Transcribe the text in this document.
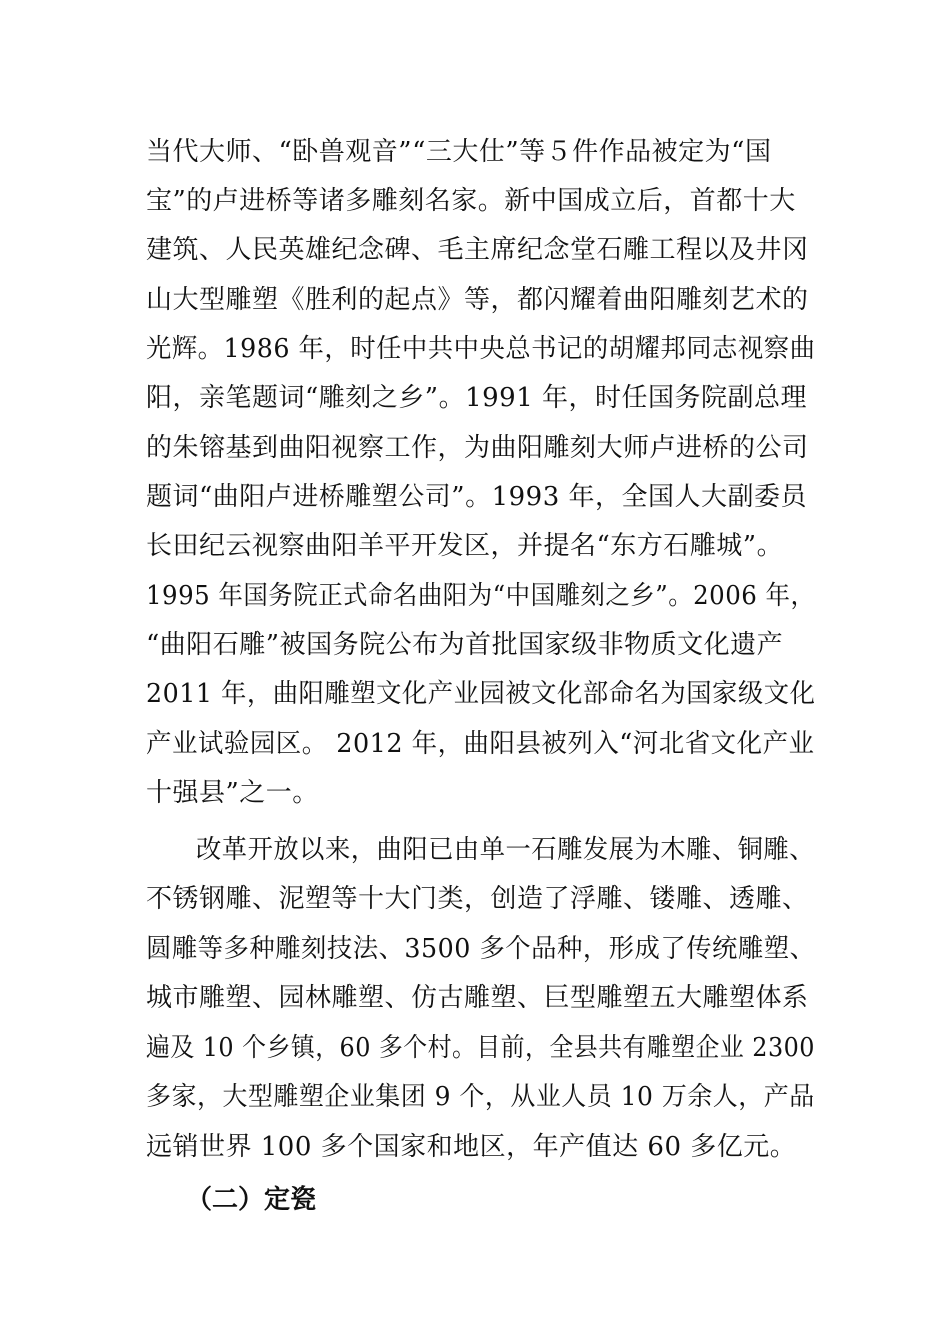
当代大师、“卧兽观音”“三大仕”等５件作品被定为“国
宝”的卢进桥等诸多雕刻名家。新中国成立后，首都十大
建筑、人民英雄纪念碑、毛主席纪念堂石雕工程以及井冈
山大型雕塑《胜利的起点》等，都闪耀着曲阳雕刻艺术的
光辉。1986 年，时任中共中央总书记的胡耀邦同志视察曲
阳，亲笔题词“雕刻之乡”。1991 年，时任国务院副总理
的朱镕基到曲阳视察工作，为曲阳雕刻大师卢进桥的公司
题词“曲阳卢进桥雕塑公司”。1993 年，全国人大副委员
长田纪云视察曲阳羊平开发区，并提名“东方石雕城”。
1995 年国务院正式命名曲阳为“中国雕刻之乡”。2006 年，
“曲阳石雕”被国务院公布为首批国家级非物质文化遗产
2011 年，曲阳雕塑文化产业园被文化部命名为国家级文化
产业试验园区。 2012 年，曲阳县被列入“河北省文化产业
十强县”之一。
改革开放以来，曲阳已由单一石雕发展为木雕、铜雕、
不锈钢雕、泥塑等十大门类，创造了浮雕、镂雕、透雕、
圆雕等多种雕刻技法、3500 多个品种，形成了传统雕塑、
城市雕塑、园林雕塑、仿古雕塑、巨型雕塑五大雕塑体系
遍及 10 个乡镇，60 多个村。目前，全县共有雕塑企业 2300
多家，大型雕塑企业集团 9 个，从业人员 10 万余人，产品
远销世界 100 多个国家和地区，年产值达 60 多亿元。
（二）定瓷
